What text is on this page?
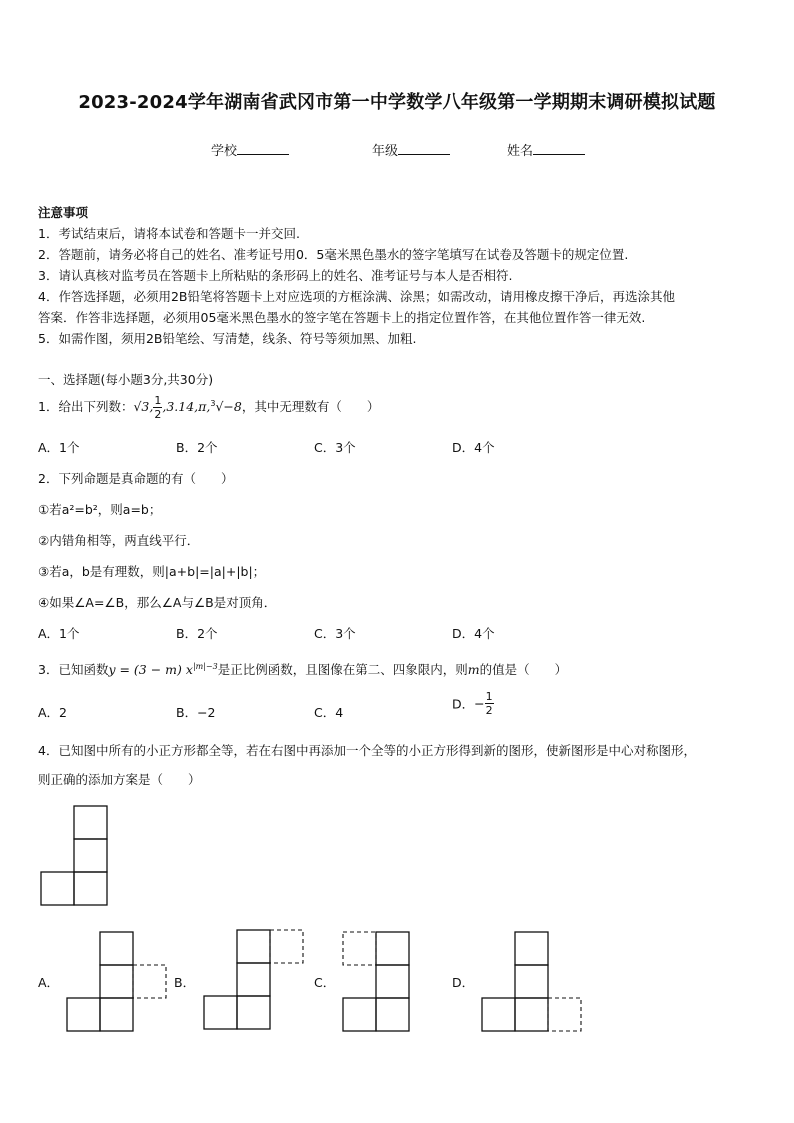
2023-2024学年湖南省武冈市第一中学数学八年级第一学期期末调研模拟试题
学校	年级	姓名
注意事项
1．考试结束后，请将本试卷和答题卡一并交回.
2．答题前，请务必将自己的姓名、准考证号用0．5毫米黑色墨水的签字笔填写在试卷及答题卡的规定位置.
3．请认真核对监考员在答题卡上所粘贴的条形码上的姓名、准考证号与本人是否相符.
4．作答选择题，必须用2B铅笔将答题卡上对应选项的方框涂满、涂黑；如需改动，请用橡皮擦干净后，再选涂其他
答案．作答非选择题，必须用05毫米黑色墨水的签字笔在答题卡上的指定位置作答，在其他位置作答一律无效.
5．如需作图，须用2B铅笔绘、写清楚，线条、符号等须加黑、加粗.
一、选择题(每小题3分,共30分)
1．给出下列数：√3, $\frac{1}{2} ,3.14,\pi,^3√-8$，其中无理数有（　　）
A．1个	B．2个	C．3个	D．4个
2．下列命题是真命题的有（　　）
①若a²=b²，则a=b；
②内错角相等，两直线平行．
③若a，b是有理数，则|a+b|=|a|+|b|；
④如果∠A=∠B，那么∠A与∠B是对顶角．
A．1个	B．2个	C．3个	D．4个
3．已知函数y = (3 − m) $x^{|m|-3}$是正比例函数，且图像在第二、四象限内，则m的值是（　　）
A．2	B．−2	C．4
D．− $\frac{1}{2}$
4．已知图中所有的小正方形都全等，若在右图中再添加一个全等的小正方形得到新的图形，使新图形是中心对称图形，
则正确的添加方案是（　　）
A．	B．	C．	D．
